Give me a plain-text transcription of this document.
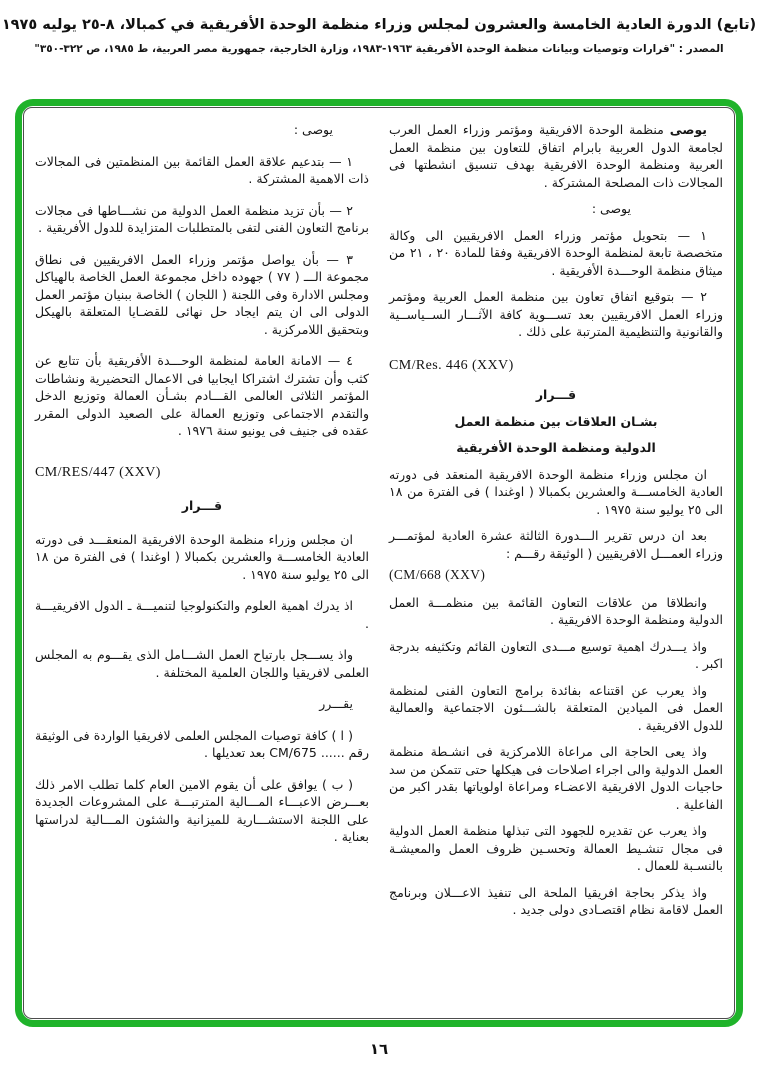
(تابع) الدورة العادية الخامسة والعشرون لمجلس وزراء منظمة الوحدة الأفريقية في كمبالا، ٨-٢٥ يوليه ١٩٧٥
المصدر : "قرارات وتوصيات وبيانات منظمة الوحدة الأفريقية ١٩٦٣-١٩٨٣، وزارة الخارجية، جمهورية مصر العربية، ط ١٩٨٥، ص ٣٢٢-٣٥٠"
يوصى منظمة الوحدة الافريقية ومؤتمر وزراء العمل العرب لجامعة الدول العربية بابرام اتفاق للتعاون بين منظمة العمل العربية ومنظمة الوحدة الافريقية بهدف تنسيق انشطتها فى المجالات ذات المصلحة المشتركة .
يوصى :
١ — بتحويل مؤتمر وزراء العمل الافريقيين الى وكالة متخصصة تابعة لمنظمة الوحدة الافريقية وفقا للمادة ٢٠ ، ٢١ من ميثاق منظمة الوحـــدة الأفريقية .
٢ — بتوقيع اتفاق تعاون بين منظمة العمل العربية ومؤتمر وزراء العمل الافريقيين بعد تســـوية كافة الآثـــار الســياســية والقانونية والتنظيمية المترتبة على ذلك .
CM/Res. 446 (XXV)
قـــرار
بشـان العلاقات بين منظمة العمل
الدولية ومنظمة الوحدة الأفريقية
ان مجلس وزراء منظمة الوحدة الافريقية المنعقد فى دورته العادية الخامســـة والعشرين بكمبالا ( اوغندا ) فى الفترة من ١٨ الى ٢٥ يوليو سنة ١٩٧٥ .
بعد ان درس تقرير الـــدورة الثالثة عشرة العادية لمؤتمـــر وزراء العمـــل الافريقيين ( الوثيقة رقـــم :
(CM/668 (XXV)
وانطلاقا من علاقات التعاون القائمة بين منظمـــة العمل الدولية ومنظمة الوحدة الافريقية .
واذ يـــدرك اهمية توسيع مـــدى التعاون القائم وتكثيفه بدرجة اكبر .
واذ يعرب عن اقتناعه بفائدة برامج التعاون الفنى لمنظمة العمل فى الميادين المتعلقة بالشـــئون الاجتماعية والعمالية للدول الافريقية .
واذ يعى الحاجة الى مراعاة اللامركزية فى انشـطة منظمة العمل الدولية والى اجراء اصلاحات فى هيكلها حتى تتمكن من سد حاجيات الدول الافريقية الاعضـاء ومراعاة اولوياتها بقدر اكبر من الفاعلية .
واذ يعرب عن تقديره للجهود التى تبذلها منظمة العمل الدولية فى مجال تنشـيط العمالة وتحسـين ظروف العمل والمعيشـة بالنسـبة للعمال .
واذ يذكر بحاجة افريقيا الملحة الى تنفيذ الاعـــلان وبرنامج العمل لاقامة نظام اقتصـادى دولى جديد .
يوصى :
١ — بتدعيم علاقة العمل القائمة بين المنظمتين فى المجالات ذات الاهمية المشتركة .
٢ — بأن تزيد منظمة العمل الدولية من نشـــاطها فى مجالات برنامج التعاون الفنى لتفى بالمتطلبات المتزايدة للدول الأفريقية .
٣ — بأن يواصل مؤتمر وزراء العمل الافريقيين فى نطاق مجموعة الـــ ( ٧٧ ) جهوده داخل مجموعة العمل الخاصة بالهياكل ومجلس الادارة وفى اللجنة ( اللجان ) الخاصة ببنيان مؤتمر العمل الدولى الى ان يتم ايجاد حل نهائى للقضـايا المتعلقة بالهيكل وبتحقيق اللامركزية .
٤ — الامانة العامة لمنظمة الوحـــدة الأفريقية بأن تتابع عن كثب وأن تشترك اشتراكا ايجابيا فى الاعمال التحضيرية ونشاطات المؤتمر الثلاثى العالمى القـــادم بشـأن العمالة وتوزيع الدخل والتقدم الاجتماعى وتوزيع العمالة على الصعيد الدولى المقرر عقده فى جنيف فى يونيو سنة ١٩٧٦ .
CM/RES/447 (XXV)
قـــرار
ان مجلس وزراء منظمة الوحدة الافريقية المنعقـــد فى دورته العادية الخامســـة والعشرين بكمبالا ( اوغندا ) فى الفترة من ١٨ الى ٢٥ يوليو سنة ١٩٧٥ .
اذ يدرك اهمية العلوم والتكنولوجيا لتنميـــة ـ الدول الافريقيـــة .
واذ يســـجل بارتياح العمل الشـــامل الذى يقـــوم به المجلس العلمى لافريقيا واللجان العلمية المختلفة .
يقـــرر
( ا ) كافة توصيات المجلس العلمى لافريقيا الواردة فى الوثيقة رقم ...... CM/675 بعد تعديلها .
( ب ) يوافق على أن يقوم الامين العام كلما تطلب الامر ذلك بعـــرض الاعبـــاء المـــالية المترتبـــة على المشروعات الجديدة على اللجنة الاستشـــارية للميزانية والشئون المـــالية لدراستها بعناية .
١٦
